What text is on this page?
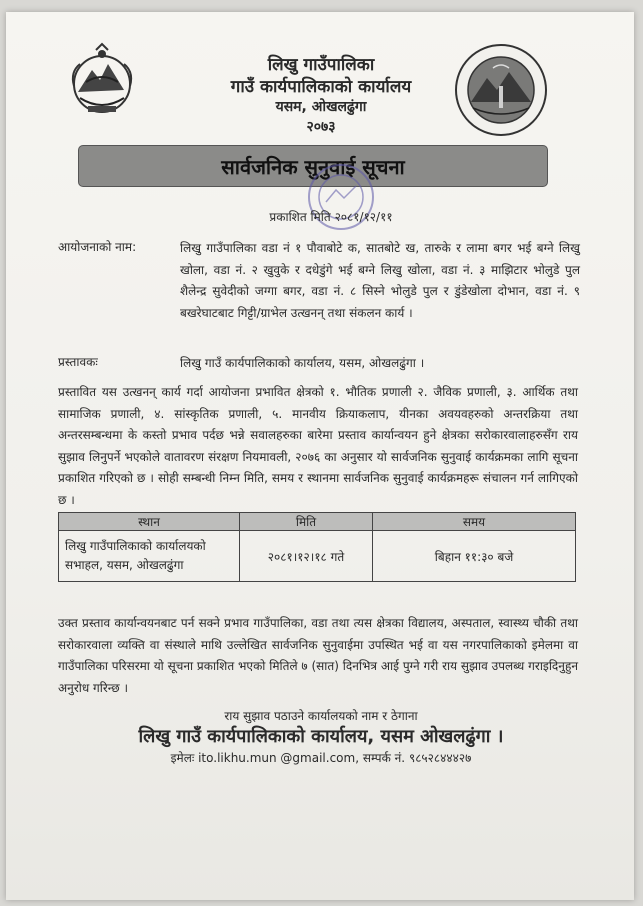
लिखु गाउँपालिका
गाउँ कार्यपालिकाको कार्यालय
यसम, ओखलढुंगा
२०७३
सार्वजनिक सुनुवाई सूचना
प्रकाशित मिति २०८१/१२/११
आयोजनाको नाम:	लिखु गाउँपालिका वडा नं १ पौवाबोटे क, सातबोटे ख, तारुके र लामा बगर भई बग्ने लिखु खोला, वडा नं. २ खुवुके र दधेडुंगे भई बग्ने लिखु खोला, वडा नं. ३ माझिटार भोलुडे पुल शैलेन्द्र सुवेदीको जग्गा बगर, वडा नं. ८ सिस्ने भोलुडे पुल र डुंडेखोला दोभान, वडा नं. ९ बखरेघाटबाट गिट्टी/ग्राभेल उत्खनन् तथा संकलन कार्य ।
प्रस्तावकः	लिखु गाउँ कार्यपालिकाको कार्यालय, यसम, ओखलढुंगा ।
प्रस्तावित यस उत्खनन् कार्य गर्दा आयोजना प्रभावित क्षेत्रको १. भौतिक प्रणाली २. जैविक प्रणाली, ३. आर्थिक तथा सामाजिक प्रणाली, ४. सांस्कृतिक प्रणाली, ५. मानवीय क्रियाकलाप, यीनका अवयवहरुको अन्तरक्रिया तथा अन्तरसम्बन्धमा के कस्तो प्रभाव पर्दछ भन्ने सवालहरुका बारेमा प्रस्ताव कार्यान्वयन हुने क्षेत्रका सरोकारवालाहरुसँग राय सुझाव लिनुपर्ने भएकोले वातावरण संरक्षण नियमावली, २०७६ का अनुसार यो सार्वजनिक सुनुवाई कार्यक्रमका लागि सूचना प्रकाशित गरिएको छ । सोही सम्बन्धी निम्न मिति, समय र स्थानमा सार्वजनिक सुनुवाई कार्यक्रमहरू संचालन गर्न लागिएको छ ।
स्थान	मिति	समय
लिखु गाउँपालिकाको कार्यालयको सभाहल, यसम, ओखलढुंगा	२०८१।१२।१८ गते	बिहान ११:३० बजे
उक्त प्रस्ताव कार्यान्वयनबाट पर्न सक्ने प्रभाव गाउँपालिका, वडा तथा त्यस क्षेत्रका विद्यालय, अस्पताल, स्वास्थ्य चौकी तथा सरोकारवाला व्यक्ति वा संस्थाले माथि उल्लेखित सार्वजनिक सुनुवाईमा उपस्थित भई वा यस नगरपालिकाको इमेलमा वा गाउँपालिका परिसरमा यो सूचना प्रकाशित भएको मितिले ७ (सात) दिनभित्र आई पुग्ने गरी राय सुझाव उपलब्ध गराइदिनुहुन अनुरोध गरिन्छ ।
राय सुझाव पठाउने कार्यालयको नाम र ठेगाना
लिखु गाउँ कार्यपालिकाको कार्यालय, यसम ओखलढुंगा ।
इमेलः ito.likhu.mun @gmail.com, सम्पर्क नं. ९८५२८४४४२७
